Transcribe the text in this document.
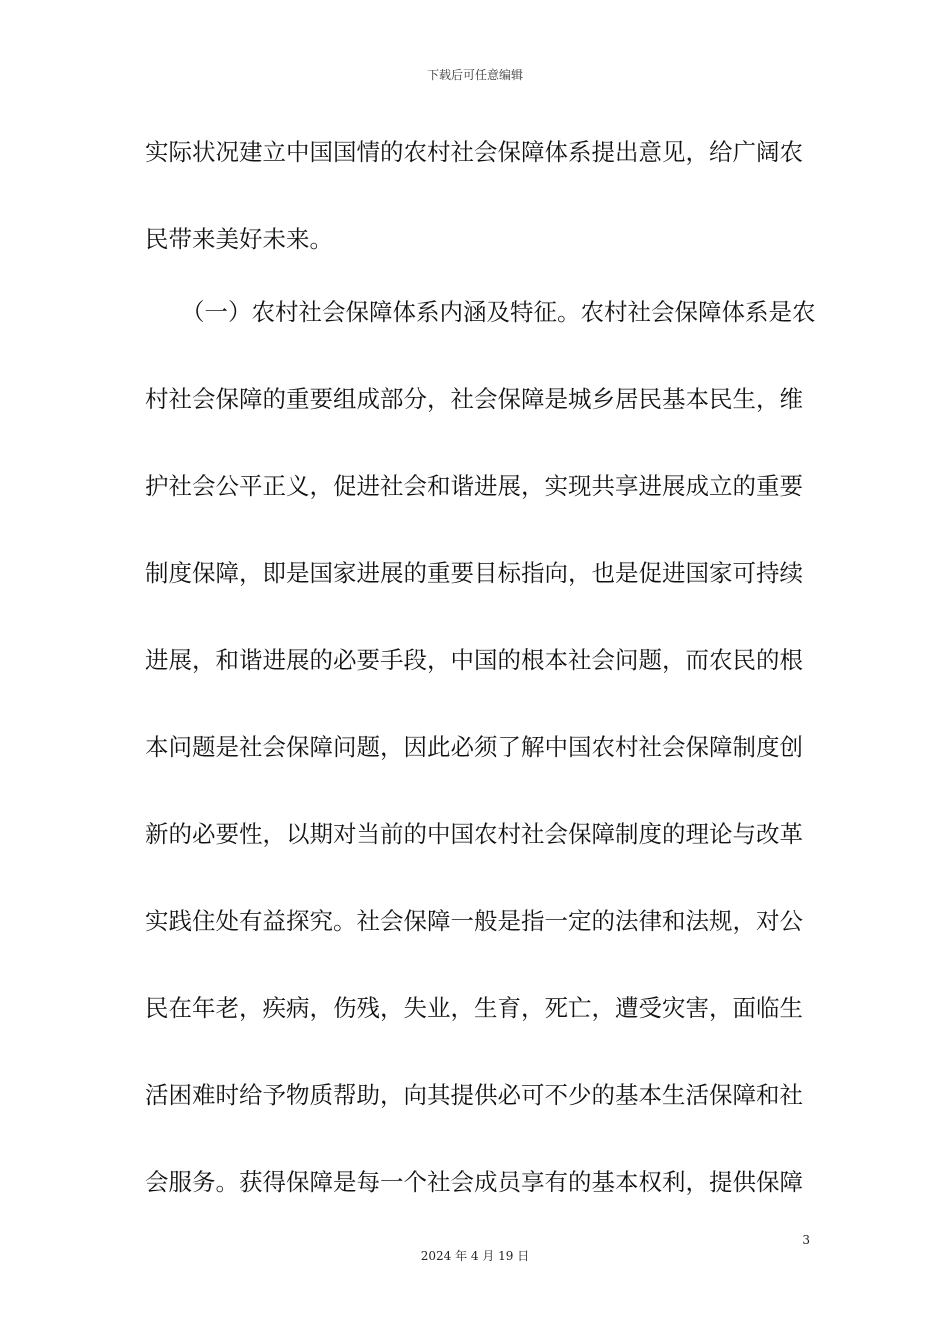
下载后可任意编辑
实际状况建立中国国情的农村社会保障体系提出意见，给广阔农
民带来美好未来。
（一）农村社会保障体系内涵及特征。农村社会保障体系是农
村社会保障的重要组成部分，社会保障是城乡居民基本民生，维
护社会公平正义，促进社会和谐进展，实现共享进展成立的重要
制度保障，即是国家进展的重要目标指向，也是促进国家可持续
进展，和谐进展的必要手段，中国的根本社会问题，而农民的根
本问题是社会保障问题，因此必须了解中国农村社会保障制度创
新的必要性，以期对当前的中国农村社会保障制度的理论与改革
实践住处有益探究。社会保障一般是指一定的法律和法规，对公
民在年老，疾病，伤残，失业，生育，死亡，遭受灾害，面临生
活困难时给予物质帮助，向其提供必可不少的基本生活保障和社
会服务。获得保障是每一个社会成员享有的基本权利，提供保障
3
2024 年 4 月 19 日
